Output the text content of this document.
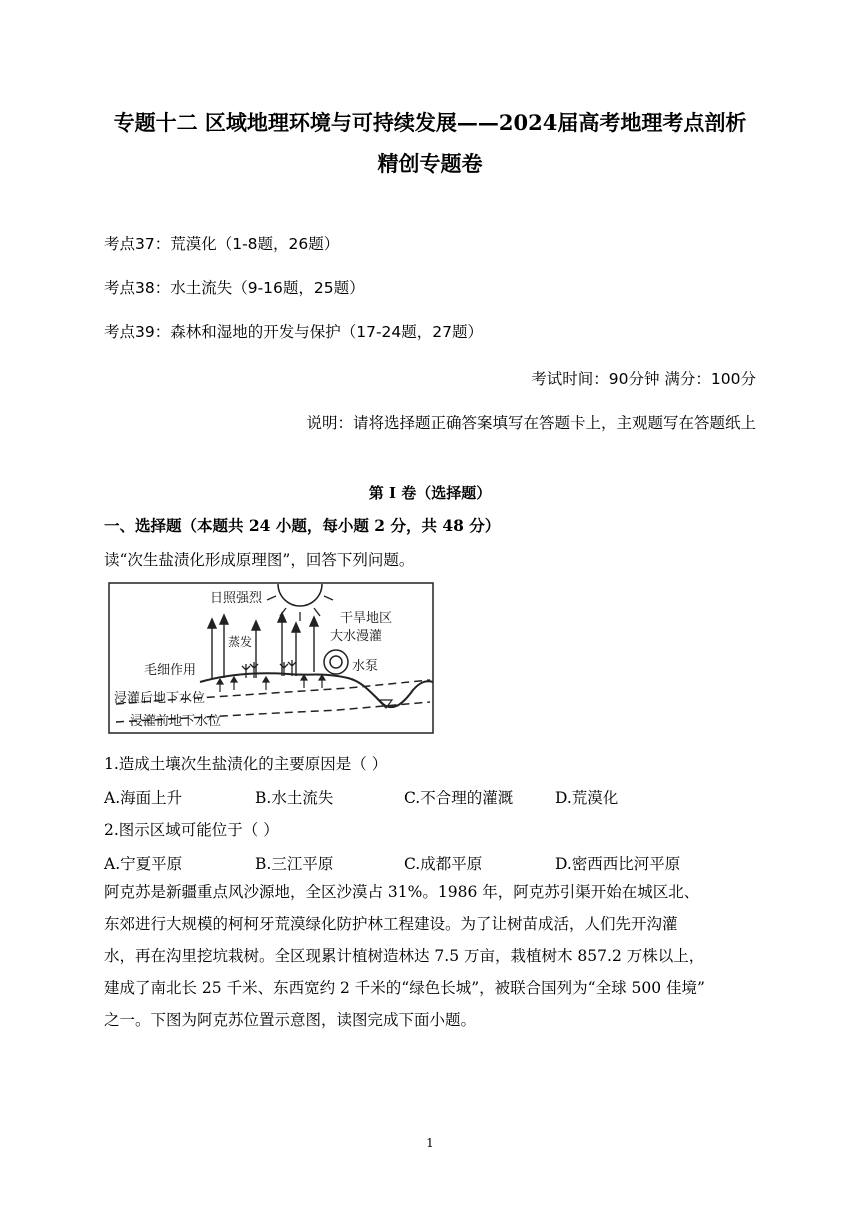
专题十二 区域地理环境与可持续发展——2024届高考地理考点剖析
精创专题卷
考点37：荒漠化（1-8题，26题）
考点38：水土流失（9-16题，25题）
考点39：森林和湿地的开发与保护（17-24题，27题）
考试时间：90分钟 满分：100分
说明：请将选择题正确答案填写在答题卡上，主观题写在答题纸上
第 I 卷（选择题）
一、选择题（本题共 24 小题，每小题 2 分，共 48 分）
读“次生盐渍化形成原理图”，回答下列问题。
日照强烈
蒸发
干旱地区
大水漫灌
水泵
毛细作用
浸灌后地下水位
浸灌前地下水位
1.造成土壤次生盐渍化的主要原因是（ ）
A.海面上升	B.水土流失	C.不合理的灌溉	D.荒漠化
2.图示区域可能位于（ ）
A.宁夏平原	B.三江平原	C.成都平原	D.密西西比河平原
阿克苏是新疆重点风沙源地，全区沙漠占 31%。1986 年，阿克苏引渠开始在城区北、
东郊进行大规模的柯柯牙荒漠绿化防护林工程建设。为了让树苗成活，人们先开沟灌
水，再在沟里挖坑栽树。全区现累计植树造林达 7.5 万亩，栽植树木 857.2 万株以上，
建成了南北长 25 千米、东西宽约 2 千米的“绿色长城”，被联合国列为“全球 500 佳境”
之一。下图为阿克苏位置示意图，读图完成下面小题。
1
